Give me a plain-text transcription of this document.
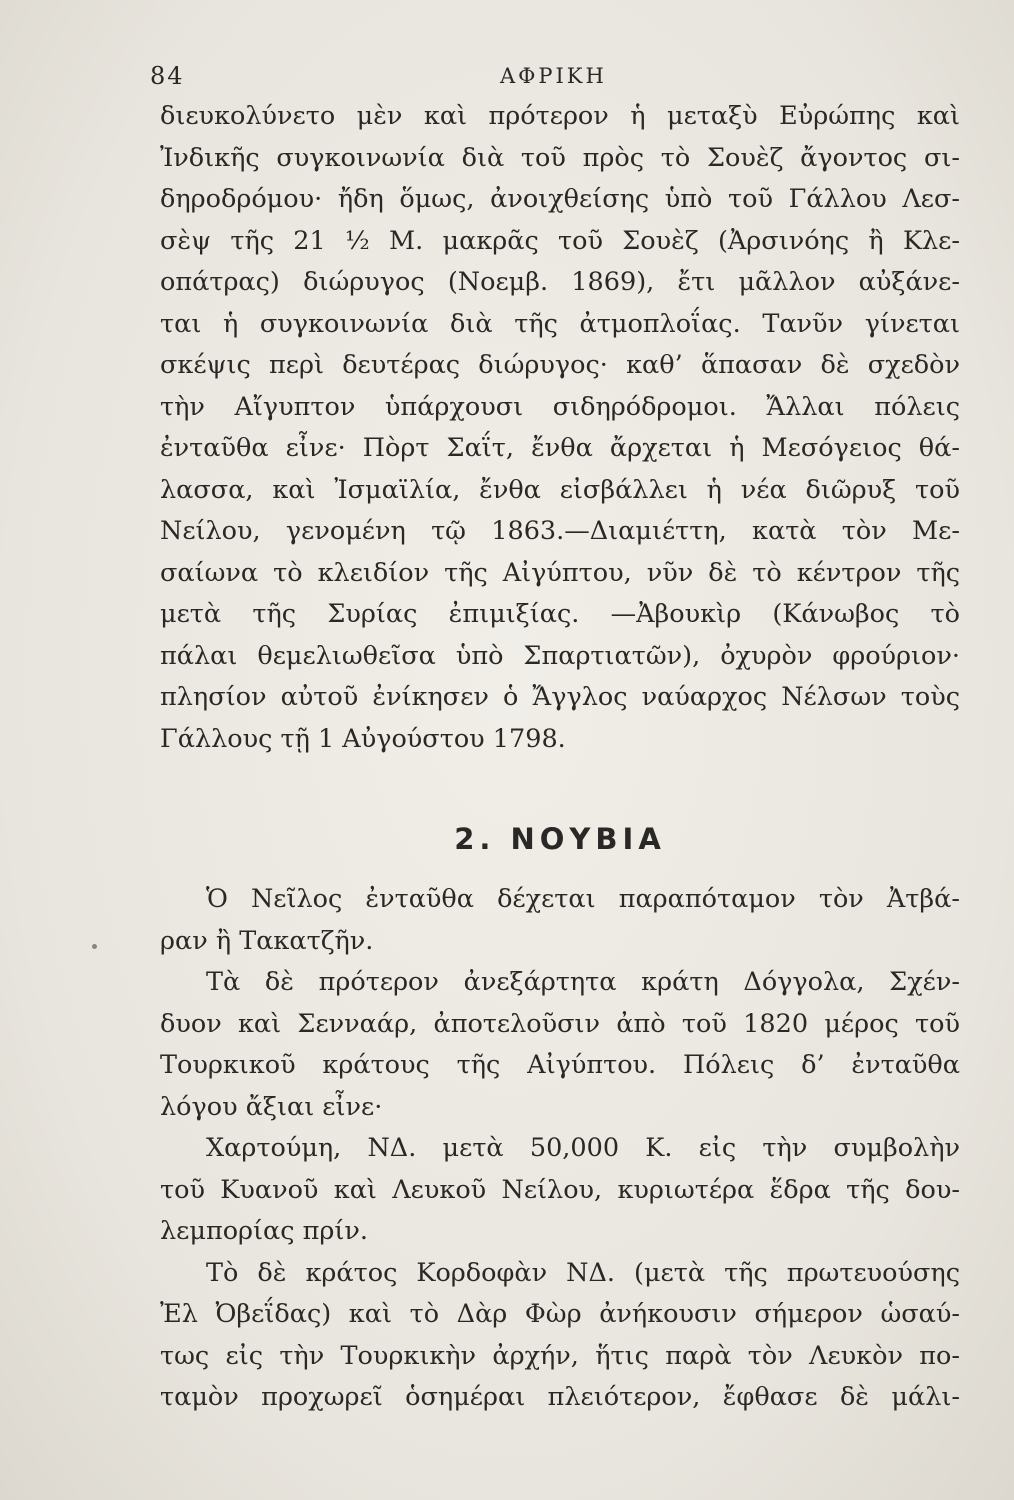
84	ΑΦΡΙΚΗ
διευκολύνετο μὲν καὶ πρότερον ἡ μεταξὺ Εὐρώπης καὶ
Ἰνδικῆς συγκοινωνία διὰ τοῦ πρὸς τὸ Σουὲζ ἄγοντος σι-
δηροδρόμου· ἤδη ὅμως, ἀνοιχθείσης ὑπὸ τοῦ Γάλλου Λεσ-
σὲψ τῆς 21 ½ Μ. μακρᾶς τοῦ Σουὲζ (Ἀρσινόης ἢ Κλε-
οπάτρας) διώρυγος (Νοεμβ. 1869), ἔτι μᾶλλον αὐξάνε-
ται ἡ συγκοινωνία διὰ τῆς ἀτμοπλοΐας. Τανῦν γίνεται
σκέψις περὶ δευτέρας διώρυγος· καθ’ ἅπασαν δὲ σχεδὸν
τὴν Αἴγυπτον ὑπάρχουσι σιδηρόδρομοι. Ἄλλαι πόλεις
ἐνταῦθα εἶνε· Πὸρτ Σαΐτ, ἔνθα ἄρχεται ἡ Μεσόγειος θά-
λασσα, καὶ Ἰσμαϊλία, ἔνθα εἰσβάλλει ἡ νέα διῶρυξ τοῦ
Νείλου, γενομένη τῷ 1863.—Διαμιέττη, κατὰ τὸν Με-
σαίωνα τὸ κλειδίον τῆς Αἰγύπτου, νῦν δὲ τὸ κέντρον τῆς
μετὰ τῆς Συρίας ἐπιμιξίας. —Ἀβουκὶρ (Κάνωβος τὸ
πάλαι θεμελιωθεῖσα ὑπὸ Σπαρτιατῶν), ὀχυρὸν φρούριον·
πλησίον αὐτοῦ ἐνίκησεν ὁ Ἄγγλος ναύαρχος Νέλσων τοὺς
Γάλλους τῇ 1 Αὐγούστου 1798.
2. ΝΟΥΒΙΑ
Ὁ Νεῖλος ἐνταῦθα δέχεται παραπόταμον τὸν Ἀτβά-
ραν ἢ Τακατζῆν.
Τὰ δὲ πρότερον ἀνεξάρτητα κράτη Δόγγολα, Σχέν-
δυον καὶ Σενναάρ, ἀποτελοῦσιν ἀπὸ τοῦ 1820 μέρος τοῦ
Τουρκικοῦ κράτους τῆς Αἰγύπτου. Πόλεις δ’ ἐνταῦθα
λόγου ἄξιαι εἶνε·
Χαρτούμη, ΝΔ. μετὰ 50,000 Κ. εἰς τὴν συμβολὴν
τοῦ Κυανοῦ καὶ Λευκοῦ Νείλου, κυριωτέρα ἕδρα τῆς δου-
λεμπορίας πρίν.
Τὸ δὲ κράτος Κορδοφὰν ΝΔ. (μετὰ τῆς πρωτευούσης
Ἐλ Ὀβεΐδας) καὶ τὸ Δὰρ Φὼρ ἀνήκουσιν σήμερον ὡσαύ-
τως εἰς τὴν Τουρκικὴν ἀρχήν, ἥτις παρὰ τὸν Λευκὸν πο-
ταμὸν προχωρεῖ ὁσημέραι πλειότερον, ἔφθασε δὲ μάλι-
